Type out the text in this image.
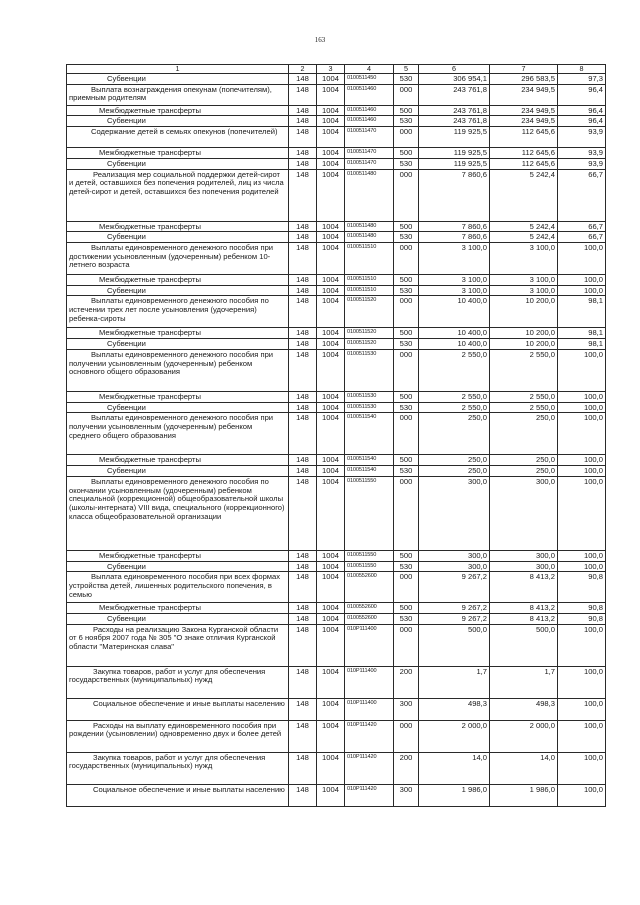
163
1	2	3	4	5	6	7	8

Субвенции	148	1004	0100511450	530	306 954,1	296 583,5	97,3

Выплата вознаграждения опекунам (попечителям), приемным родителям	148	1004	0100511460	000	243 761,8	234 949,5	96,4

Межбюджетные трансферты	148	1004	0100511460	500	243 761,8	234 949,5	96,4

Субвенции	148	1004	0100511460	530	243 761,8	234 949,5	96,4

Содержание детей в семьях опекунов (попечителей)	148	1004	0100511470	000	119 925,5	112 645,6	93,9

Межбюджетные трансферты	148	1004	0100511470	500	119 925,5	112 645,6	93,9

Субвенции	148	1004	0100511470	530	119 925,5	112 645,6	93,9

Реализация мер социальной поддержки детей-сирот и детей, оставшихся без попечения родителей, лиц из числа детей-сирот и детей, оставшихся без попечения родителей	148	1004	0100511480	000	7 860,6	5 242,4	66,7

Межбюджетные трансферты	148	1004	0100511480	500	7 860,6	5 242,4	66,7

Субвенции	148	1004	0100511480	530	7 860,6	5 242,4	66,7

Выплаты единовременного денежного пособия при достижении усыновленным (удочеренным) ребенком 10-летнего возраста	148	1004	0100511510	000	3 100,0	3 100,0	100,0

Межбюджетные трансферты	148	1004	0100511510	500	3 100,0	3 100,0	100,0

Субвенции	148	1004	0100511510	530	3 100,0	3 100,0	100,0

Выплаты единовременного денежного пособия по истечении трех лет после усыновления (удочерения) ребенка-сироты	148	1004	0100511520	000	10 400,0	10 200,0	98,1

Межбюджетные трансферты	148	1004	0100511520	500	10 400,0	10 200,0	98,1

Субвенции	148	1004	0100511520	530	10 400,0	10 200,0	98,1

Выплаты единовременного денежного пособия при получении усыновленным (удочеренным) ребенком основного общего образования	148	1004	0100511530	000	2 550,0	2 550,0	100,0

Межбюджетные трансферты	148	1004	0100511530	500	2 550,0	2 550,0	100,0

Субвенции	148	1004	0100511530	530	2 550,0	2 550,0	100,0

Выплаты единовременного денежного пособия при получении усыновленным (удочеренным) ребенком среднего общего образования	148	1004	0100511540	000	250,0	250,0	100,0

Межбюджетные трансферты	148	1004	0100511540	500	250,0	250,0	100,0

Субвенции	148	1004	0100511540	530	250,0	250,0	100,0

Выплаты единовременного денежного пособия по окончании усыновленным (удочеренным) ребенком специальной (коррекционной) общеобразовательной школы (школы-интерната) VIII вида, специального (коррекционного) класса общеобразовательной организации	148	1004	0100511550	000	300,0	300,0	100,0

Межбюджетные трансферты	148	1004	0100511550	500	300,0	300,0	100,0

Субвенции	148	1004	0100511550	530	300,0	300,0	100,0

Выплата единовременного пособия при всех формах устройства детей, лишенных родительского попечения, в семью	148	1004	0100552600	000	9 267,2	8 413,2	90,8

Межбюджетные трансферты	148	1004	0100552600	500	9 267,2	8 413,2	90,8

Субвенции	148	1004	0100552600	530	9 267,2	8 413,2	90,8

Расходы на реализацию Закона Курганской области от 6 ноября 2007 года № 305 "О знаке отличия Курганской области "Материнская слава"	148	1004	010P111400	000	500,0	500,0	100,0

Закупка товаров, работ и услуг для обеспечения государственных (муниципальных) нужд	148	1004	010P111400	200	1,7	1,7	100,0

Социальное обеспечение и иные выплаты населению	148	1004	010P111400	300	498,3	498,3	100,0

Расходы на выплату единовременного пособия при рождении (усыновлении) одновременно двух и более детей	148	1004	010P111420	000	2 000,0	2 000,0	100,0

Закупка товаров, работ и услуг для обеспечения государственных (муниципальных) нужд	148	1004	010P111420	200	14,0	14,0	100,0

Социальное обеспечение и иные выплаты населению	148	1004	010P111420	300	1 986,0	1 986,0	100,0
